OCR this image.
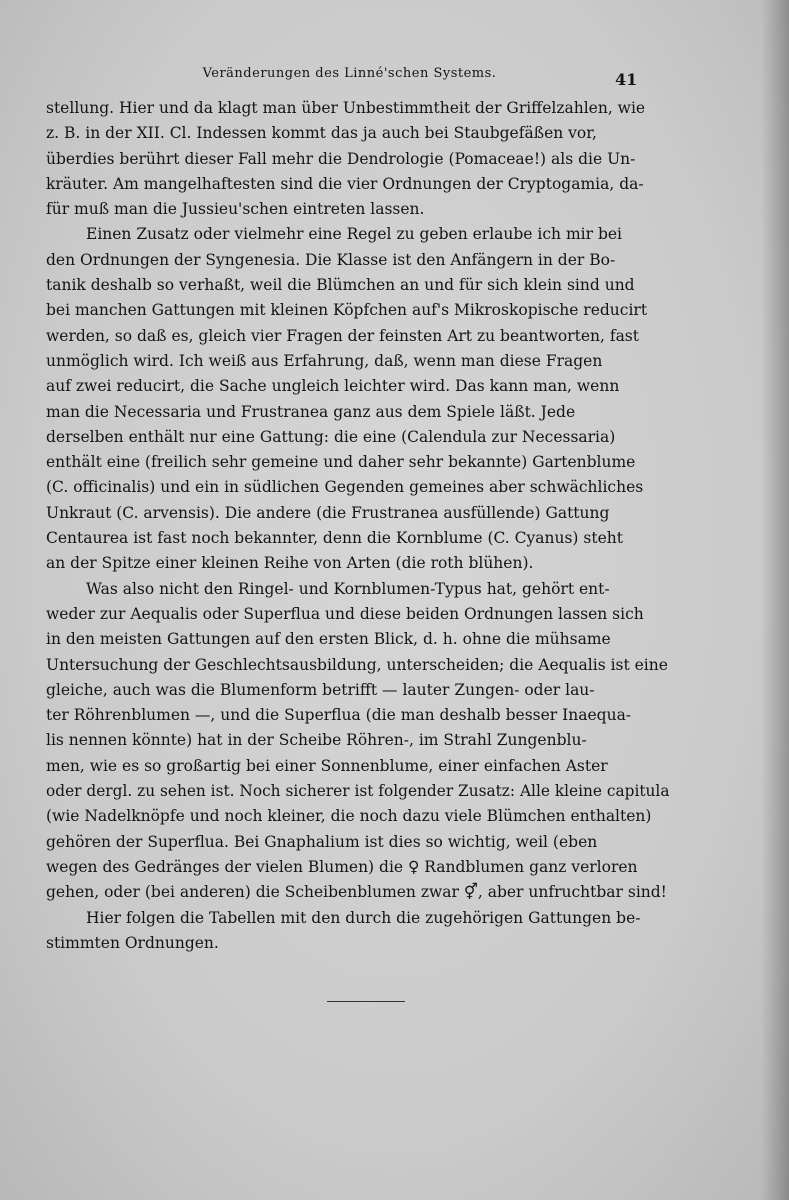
Veränderungen des Linné'schen Systems.	41
stellung. Hier und da klagt man über Unbestimmtheit der Griffelzahlen, wie
z. B. in der XII. Cl. Indessen kommt das ja auch bei Staubgefäßen vor,
überdies berührt dieser Fall mehr die Dendrologie (Pomaceae!) als die Un-
kräuter. Am mangelhaftesten sind die vier Ordnungen der Cryptogamia, da-
für muß man die Jussieu'schen eintreten lassen.
Einen Zusatz oder vielmehr eine Regel zu geben erlaube ich mir bei
den Ordnungen der Syngenesia. Die Klasse ist den Anfängern in der Bo-
tanik deshalb so verhaßt, weil die Blümchen an und für sich klein sind und
bei manchen Gattungen mit kleinen Köpfchen auf's Mikroskopische reducirt
werden, so daß es, gleich vier Fragen der feinsten Art zu beantworten, fast
unmöglich wird. Ich weiß aus Erfahrung, daß, wenn man diese Fragen
auf zwei reducirt, die Sache ungleich leichter wird. Das kann man, wenn
man die Necessaria und Frustranea ganz aus dem Spiele läßt. Jede
derselben enthält nur eine Gattung: die eine (Calendula zur Necessaria)
enthält eine (freilich sehr gemeine und daher sehr bekannte) Gartenblume
(C. officinalis) und ein in südlichen Gegenden gemeines aber schwächliches
Unkraut (C. arvensis). Die andere (die Frustranea ausfüllende) Gattung
Centaurea ist fast noch bekannter, denn die Kornblume (C. Cyanus) steht
an der Spitze einer kleinen Reihe von Arten (die roth blühen).
Was also nicht den Ringel- und Kornblumen-Typus hat, gehört ent-
weder zur Aequalis oder Superflua und diese beiden Ordnungen lassen sich
in den meisten Gattungen auf den ersten Blick, d. h. ohne die mühsame
Untersuchung der Geschlechtsausbildung, unterscheiden; die Aequalis ist eine
gleiche, auch was die Blumenform betrifft — lauter Zungen- oder lau-
ter Röhrenblumen —, und die Superflua (die man deshalb besser Inaequa-
lis nennen könnte) hat in der Scheibe Röhren-, im Strahl Zungenblu-
men, wie es so großartig bei einer Sonnenblume, einer einfachen Aster
oder dergl. zu sehen ist. Noch sicherer ist folgender Zusatz: Alle kleine capitula
(wie Nadelknöpfe und noch kleiner, die noch dazu viele Blümchen enthalten)
gehören der Superflua. Bei Gnaphalium ist dies so wichtig, weil (eben
wegen des Gedränges der vielen Blumen) die ♀ Randblumen ganz verloren
gehen, oder (bei anderen) die Scheibenblumen zwar ⚥, aber unfruchtbar sind!
Hier folgen die Tabellen mit den durch die zugehörigen Gattungen be-
stimmten Ordnungen.
